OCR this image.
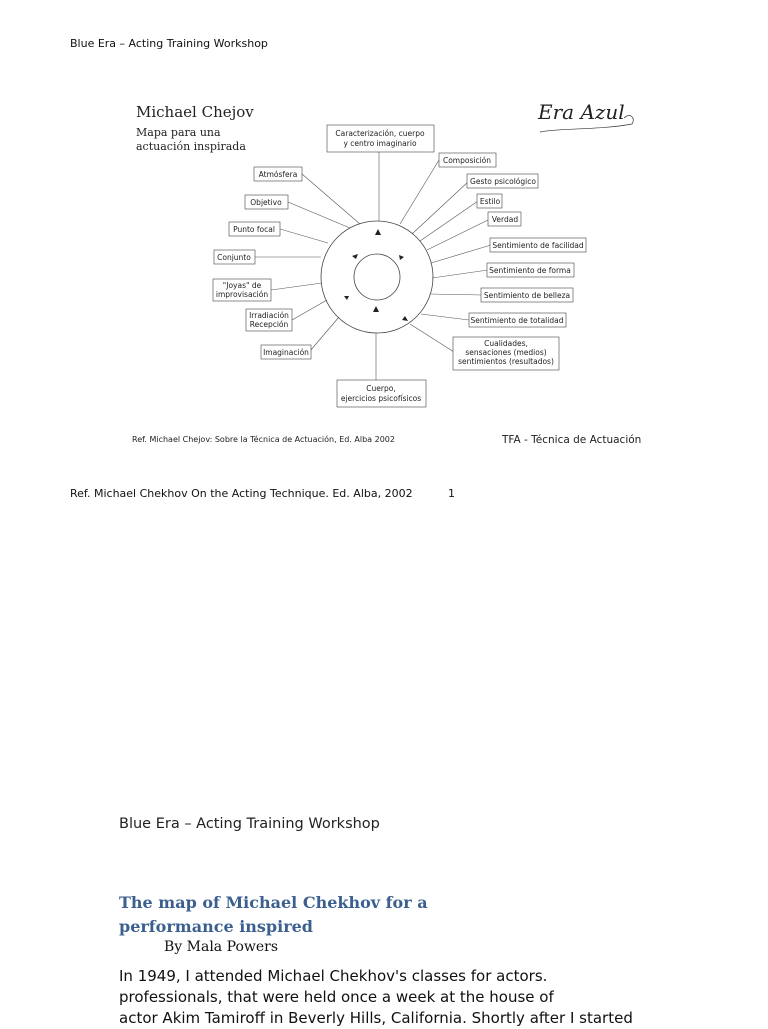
Blue Era – Acting Training Workshop
Caracterización, cuerpo
y centro imaginario
Cuerpo,
ejercicios psicofísicos
Atmósfera
Objetivo
Punto focal
Conjunto
"Joyas" de
improvisación
Irradiación
Recepción
Imaginación
Composición
Gesto psicológico
Estilo
Verdad
Sentimiento de facilidad
Sentimiento de forma
Sentimiento de belleza
Sentimiento de totalidad
Cualidades,
sensaciones (medios)
sentimientos (resultados)
Michael Chejov
Mapa para una
actuación inspirada
Era Azul
Ref. Michael Chejov: Sobre la Técnica de Actuación, Ed. Alba 2002	TFA - Técnica de Actuación
Ref. Michael Chekhov On the Acting Technique. Ed. Alba, 2002	1
Blue Era – Acting Training Workshop
The map of Michael Chekhov for a performance inspired
By Mala Powers
In 1949, I attended Michael Chekhov's classes for actors.
professionals, that were held once a week at the house of
actor Akim Tamiroff in Beverly Hills, California. Shortly after I started
